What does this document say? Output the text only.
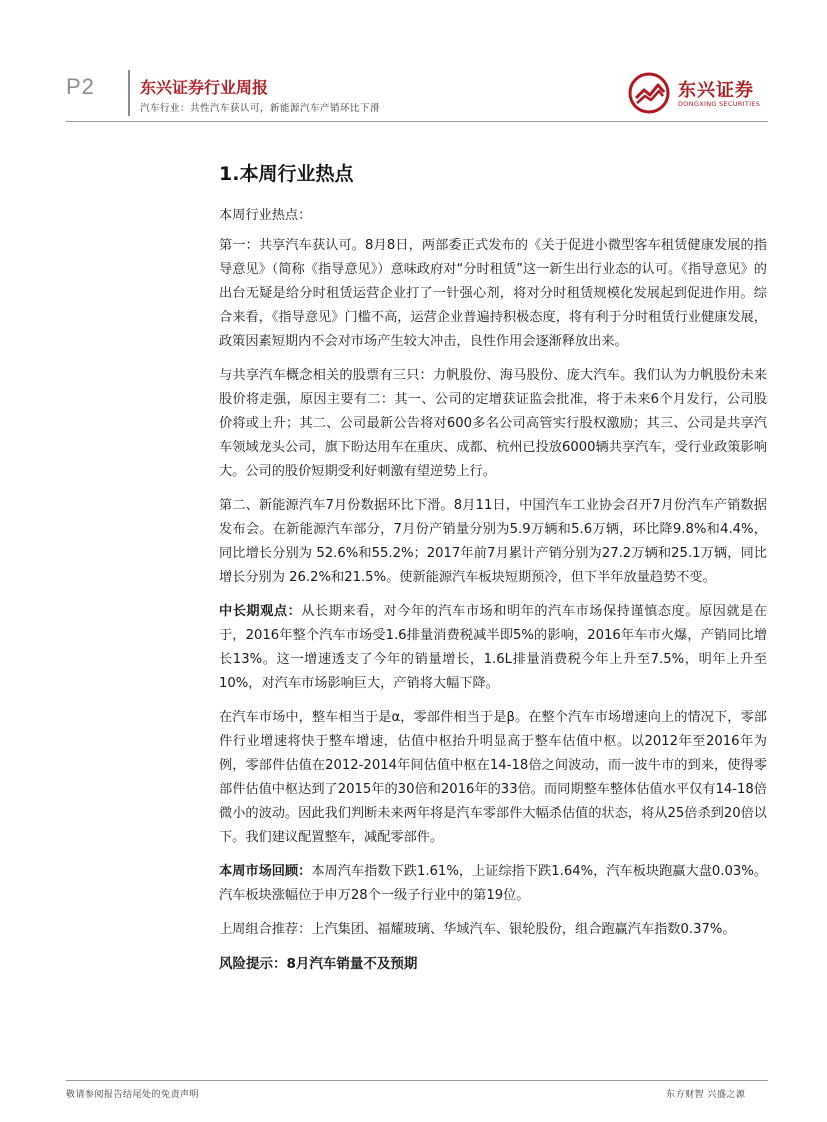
P2	东兴证券行业周报
汽车行业：共性汽车获认可，新能源汽车产销环比下滑
东兴证券
DONGXING SECURITIES
1.本周行业热点

本周行业热点：

第一：共享汽车获认可。8月8日，两部委正式发布的《关于促进小微型客车租赁健康发展的指导意见》（简称《指导意见》）意味政府对“分时租赁”这一新生出行业态的认可。《指导意见》的出台无疑是给分时租赁运营企业打了一针强心剂，将对分时租赁规模化发展起到促进作用。综合来看，《指导意见》门槛不高，运营企业普遍持积极态度，将有利于分时租赁行业健康发展，政策因素短期内不会对市场产生较大冲击，良性作用会逐渐释放出来。

与共享汽车概念相关的股票有三只：力帆股份、海马股份、庞大汽车。我们认为力帆股份未来股价将走强，原因主要有二：其一、公司的定增获证监会批准，将于未来6个月发行，公司股价将或上升；其二、公司最新公告将对600多名公司高管实行股权激励；其三、公司是共享汽车领域龙头公司，旗下盼达用车在重庆、成都、杭州已投放6000辆共享汽车，受行业政策影响大。公司的股价短期受利好刺激有望逆势上行。

第二、新能源汽车7月份数据环比下滑。8月11日，中国汽车工业协会召开7月份汽车产销数据发布会。在新能源汽车部分，7月份产销量分别为5.9万辆和5.6万辆，环比降9.8%和4.4%，同比增长分别为 52.6%和55.2%；2017年前7月累计产销分别为27.2万辆和25.1万辆，同比增长分别为 26.2%和21.5%。使新能源汽车板块短期预冷，但下半年放量趋势不变。

中长期观点：从长期来看，对今年的汽车市场和明年的汽车市场保持谨慎态度。原因就是在于，2016年整个汽车市场受1.6排量消费税减半即5%的影响，2016年车市火爆，产销同比增长13%。这一增速透支了今年的销量增长，1.6L排量消费税今年上升至7.5%，明年上升至10%，对汽车市场影响巨大，产销将大幅下降。

在汽车市场中，整车相当于是α，零部件相当于是β。在整个汽车市场增速向上的情况下，零部件行业增速将快于整车增速，估值中枢抬升明显高于整车估值中枢。以2012年至2016年为例，零部件估值在2012-2014年间估值中枢在14-18倍之间波动，而一波牛市的到来，使得零部件估值中枢达到了2015年的30倍和2016年的33倍。而同期整车整体估值水平仅有14-18倍微小的波动。因此我们判断未来两年将是汽车零部件大幅杀估值的状态，将从25倍杀到20倍以下。我们建议配置整车，减配零部件。

本周市场回顾：本周汽车指数下跌1.61%，上证综指下跌1.64%，汽车板块跑赢大盘0.03%。汽车板块涨幅位于申万28个一级子行业中的第19位。

上周组合推荐：上汽集团、福耀玻璃、华域汽车、银轮股份，组合跑赢汽车指数0.37%。

风险提示：8月汽车销量不及预期
敬请参阅报告结尾处的免责声明	东方财智 兴盛之源
